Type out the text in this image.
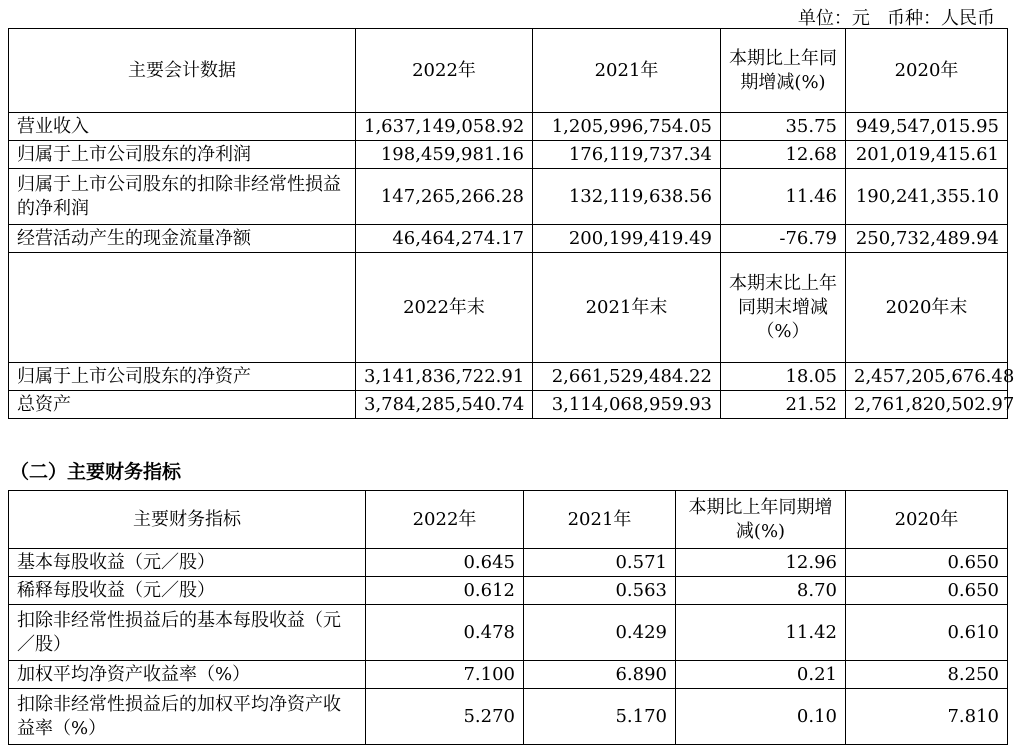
单位：元   币种：人民币
主要会计数据	2022年	2021年	本期比上年同期增减(%)	2020年
营业收入	1,637,149,058.92	1,205,996,754.05	35.75	949,547,015.95
归属于上市公司股东的净利润	198,459,981.16	176,119,737.34	12.68	201,019,415.61
归属于上市公司股东的扣除非经常性损益的净利润	147,265,266.28	132,119,638.56	11.46	190,241,355.10
经营活动产生的现金流量净额	46,464,274.17	200,199,419.49	-76.79	250,732,489.94
	2022年末	2021年末	本期末比上年同期末增减（%）	2020年末
归属于上市公司股东的净资产	3,141,836,722.91	2,661,529,484.22	18.05	2,457,205,676.48
总资产	3,784,285,540.74	3,114,068,959.93	21.52	2,761,820,502.97
（二）主要财务指标
主要财务指标	2022年	2021年	本期比上年同期增减(%)	2020年
基本每股收益（元／股）	0.645	0.571	12.96	0.650
稀释每股收益（元／股）	0.612	0.563	8.70	0.650
扣除非经常性损益后的基本每股收益（元／股）	0.478	0.429	11.42	0.610
加权平均净资产收益率（%）	7.100	6.890	0.21	8.250
扣除非经常性损益后的加权平均净资产收益率（%）	5.270	5.170	0.10	7.810
